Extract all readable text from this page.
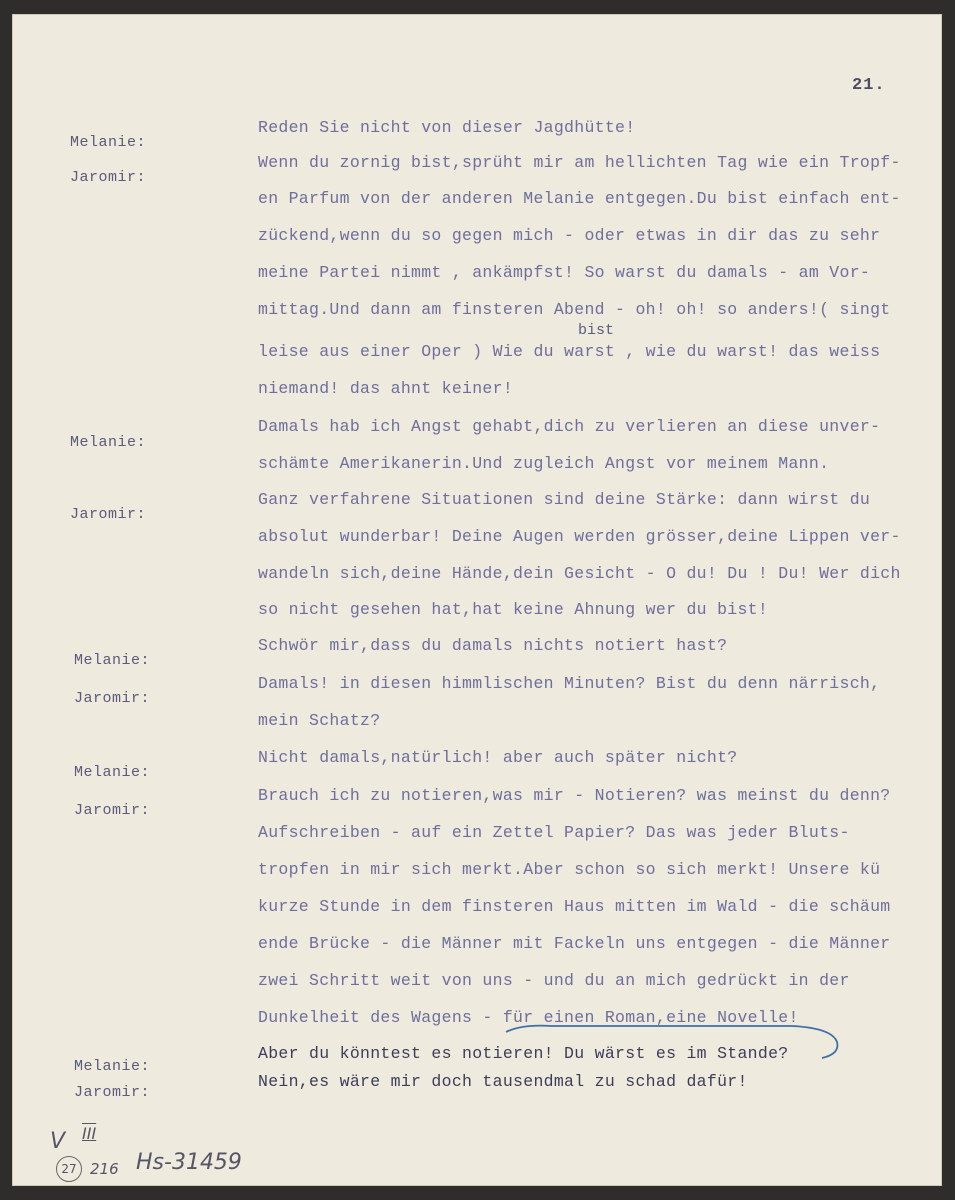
21.
Melanie:
Jaromir:
Melanie:
Jaromir:
Melanie:
Jaromir:
Melanie:
Jaromir:
Melanie:
Jaromir:
Reden Sie nicht von dieser Jagdhütte!
Wenn du zornig bist,sprüht mir am hellichten Tag wie ein Tropf-
en Parfum von der anderen Melanie entgegen.Du bist einfach ent-
zückend,wenn du so gegen mich - oder etwas in dir das zu sehr
meine Partei nimmt , ankämpfst! So warst du damals - am Vor-
mittag.Und dann am finsteren Abend - oh! oh! so anders!( singt
bist
leise aus einer Oper ) Wie du warst , wie du warst! das weiss
niemand! das ahnt keiner!
Damals hab ich Angst gehabt,dich zu verlieren an diese unver-
schämte Amerikanerin.Und zugleich Angst vor meinem Mann.
Ganz verfahrene Situationen sind deine Stärke: dann wirst du
absolut wunderbar! Deine Augen werden grösser,deine Lippen ver-
wandeln sich,deine Hände,dein Gesicht - O du! Du ! Du! Wer dich
so nicht gesehen hat,hat keine Ahnung wer du bist!
Schwör mir,dass du damals nichts notiert hast?
Damals! in diesen himmlischen Minuten? Bist du denn närrisch,
mein Schatz?
Nicht damals,natürlich! aber auch später nicht?
Brauch ich zu notieren,was mir - Notieren? was meinst du denn?
Aufschreiben - auf ein Zettel Papier? Das was jeder Bluts-
tropfen in mir sich merkt.Aber schon so sich merkt! Unsere kü
kurze Stunde in dem finsteren Haus mitten im Wald - die schäum
ende Brücke - die Männer mit Fackeln uns entgegen - die Männer
zwei Schritt weit von uns - und du an mich gedrückt in der
Dunkelheit des Wagens - für einen Roman,eine Novelle!
Aber du könntest es notieren! Du wärst es im Stande?
Nein,es wäre mir doch tausendmal zu schad dafür!
V III
27 216 Hs-31459
